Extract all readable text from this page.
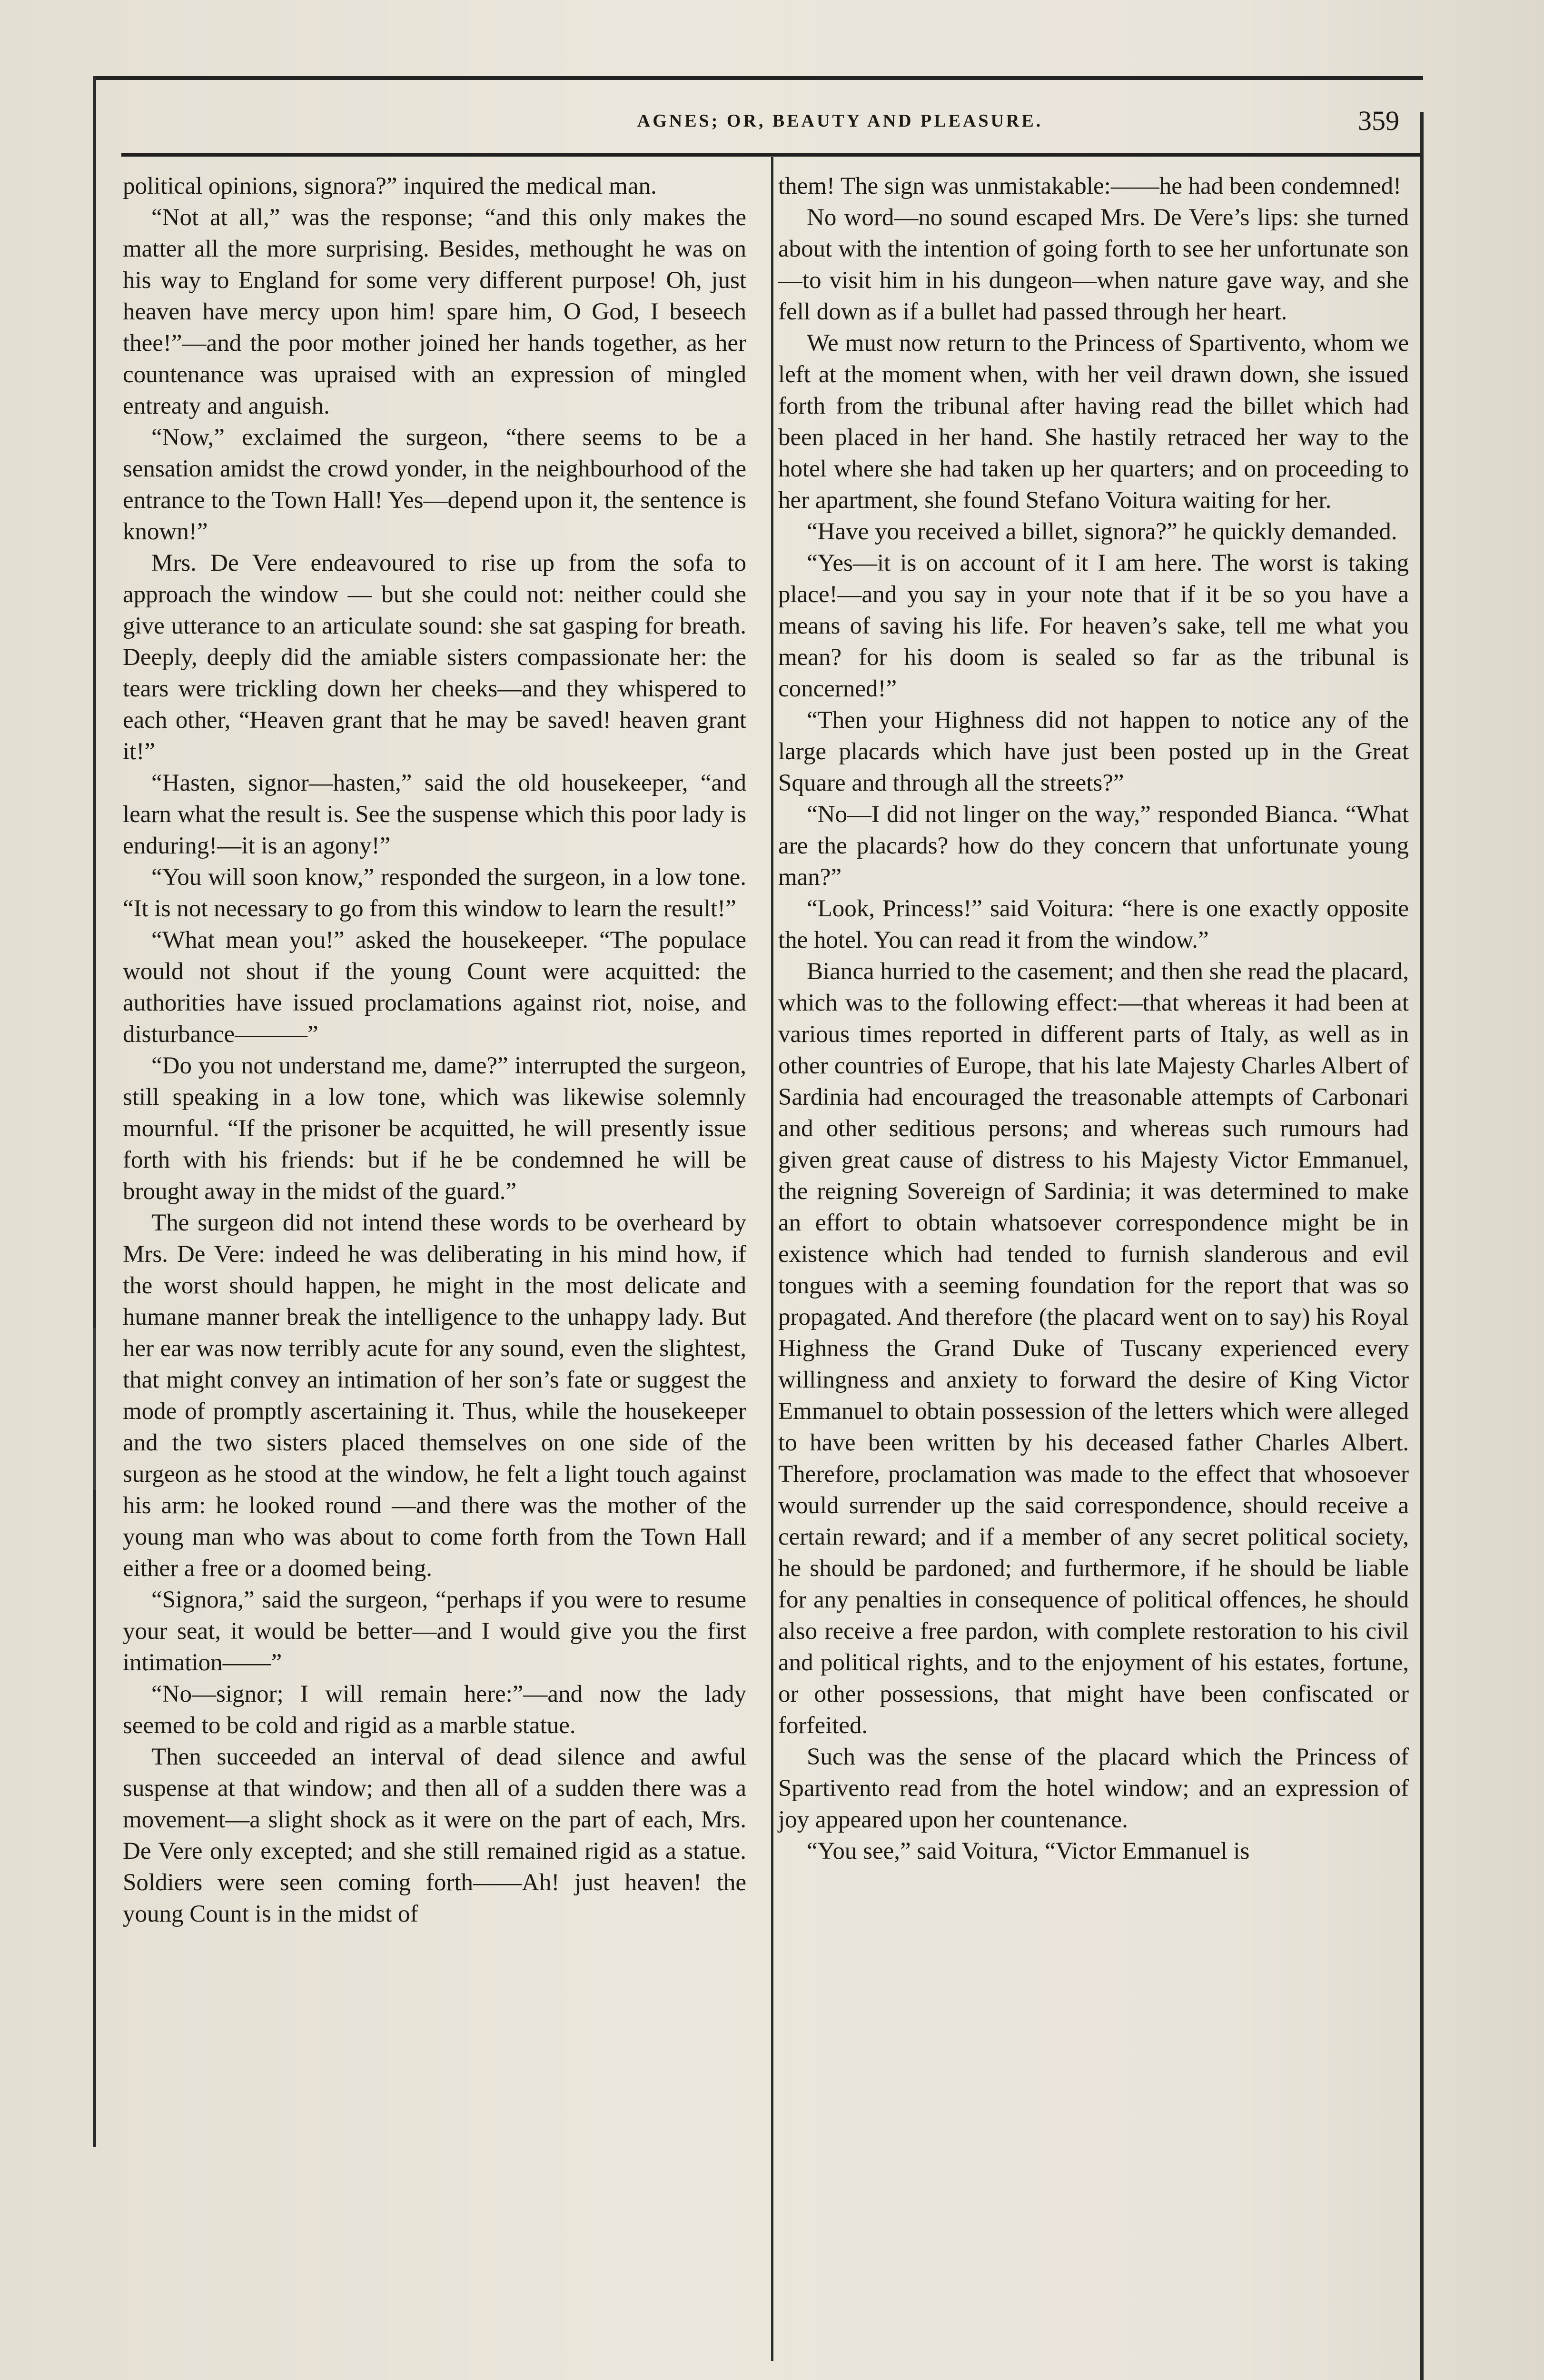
AGNES; OR, BEAUTY AND PLEASURE.	359

political opinions, signora?” inquired the medical man.

“Not at all,” was the response; “and this only makes the matter all the more surprising. Besides, methought he was on his way to England for some very different purpose! Oh, just heaven have mercy upon him! spare him, O God, I beseech thee!”—and the poor mother joined her hands together, as her countenance was upraised with an expression of mingled entreaty and anguish.

“Now,” exclaimed the surgeon, “there seems to be a sensation amidst the crowd yonder, in the neighbourhood of the entrance to the Town Hall! Yes—depend upon it, the sentence is known!”

Mrs. De Vere endeavoured to rise up from the sofa to approach the window — but she could not: neither could she give utterance to an articulate sound: she sat gasping for breath. Deeply, deeply did the amiable sisters compassionate her: the tears were trickling down her cheeks—and they whispered to each other, “Heaven grant that he may be saved! heaven grant it!”

“Hasten, signor—hasten,” said the old housekeeper, “and learn what the result is. See the suspense which this poor lady is enduring!—it is an agony!”

“You will soon know,” responded the surgeon, in a low tone. “It is not necessary to go from this window to learn the result!”

“What mean you!” asked the housekeeper. “The populace would not shout if the young Count were acquitted: the authorities have issued proclamations against riot, noise, and disturbance———”

“Do you not understand me, dame?” interrupted the surgeon, still speaking in a low tone, which was likewise solemnly mournful. “If the prisoner be acquitted, he will presently issue forth with his friends: but if he be condemned he will be brought away in the midst of the guard.”

The surgeon did not intend these words to be overheard by Mrs. De Vere: indeed he was deliberating in his mind how, if the worst should happen, he might in the most delicate and humane manner break the intelligence to the unhappy lady. But her ear was now terribly acute for any sound, even the slightest, that might convey an intimation of her son’s fate or suggest the mode of promptly ascertaining it. Thus, while the housekeeper and the two sisters placed themselves on one side of the surgeon as he stood at the window, he felt a light touch against his arm: he looked round —and there was the mother of the young man who was about to come forth from the Town Hall either a free or a doomed being.

“Signora,” said the surgeon, “perhaps if you were to resume your seat, it would be better—and I would give you the first intimation——”

“No—signor; I will remain here:”—and now the lady seemed to be cold and rigid as a marble statue.

Then succeeded an interval of dead silence and awful suspense at that window; and then all of a sudden there was a movement—a slight shock as it were on the part of each, Mrs. De Vere only excepted; and she still remained rigid as a statue. Soldiers were seen coming forth——Ah! just heaven! the young Count is in the midst of

them! The sign was unmistakable:——he had been condemned!

No word—no sound escaped Mrs. De Vere’s lips: she turned about with the intention of going forth to see her unfortunate son—to visit him in his dungeon—when nature gave way, and she fell down as if a bullet had passed through her heart.

We must now return to the Princess of Spartivento, whom we left at the moment when, with her veil drawn down, she issued forth from the tribunal after having read the billet which had been placed in her hand. She hastily retraced her way to the hotel where she had taken up her quarters; and on proceeding to her apartment, she found Stefano Voitura waiting for her.

“Have you received a billet, signora?” he quickly demanded.

“Yes—it is on account of it I am here. The worst is taking place!—and you say in your note that if it be so you have a means of saving his life. For heaven’s sake, tell me what you mean? for his doom is sealed so far as the tribunal is concerned!”

“Then your Highness did not happen to notice any of the large placards which have just been posted up in the Great Square and through all the streets?”

“No—I did not linger on the way,” responded Bianca. “What are the placards? how do they concern that unfortunate young man?”

“Look, Princess!” said Voitura: “here is one exactly opposite the hotel. You can read it from the window.”

Bianca hurried to the casement; and then she read the placard, which was to the following effect:—that whereas it had been at various times reported in different parts of Italy, as well as in other countries of Europe, that his late Majesty Charles Albert of Sardinia had encouraged the treasonable attempts of Carbonari and other seditious persons; and whereas such rumours had given great cause of distress to his Majesty Victor Emmanuel, the reigning Sovereign of Sardinia; it was determined to make an effort to obtain whatsoever correspondence might be in existence which had tended to furnish slanderous and evil tongues with a seeming foundation for the report that was so propagated. And therefore (the placard went on to say) his Royal Highness the Grand Duke of Tuscany experienced every willingness and anxiety to forward the desire of King Victor Emmanuel to obtain possession of the letters which were alleged to have been written by his deceased father Charles Albert. Therefore, proclamation was made to the effect that whosoever would surrender up the said correspondence, should receive a certain reward; and if a member of any secret political society, he should be pardoned; and furthermore, if he should be liable for any penalties in consequence of political offences, he should also receive a free pardon, with complete restoration to his civil and political rights, and to the enjoyment of his estates, fortune, or other possessions, that might have been confiscated or forfeited.

Such was the sense of the placard which the Princess of Spartivento read from the hotel window; and an expression of joy appeared upon her countenance.

“You see,” said Voitura, “Victor Emmanuel is
